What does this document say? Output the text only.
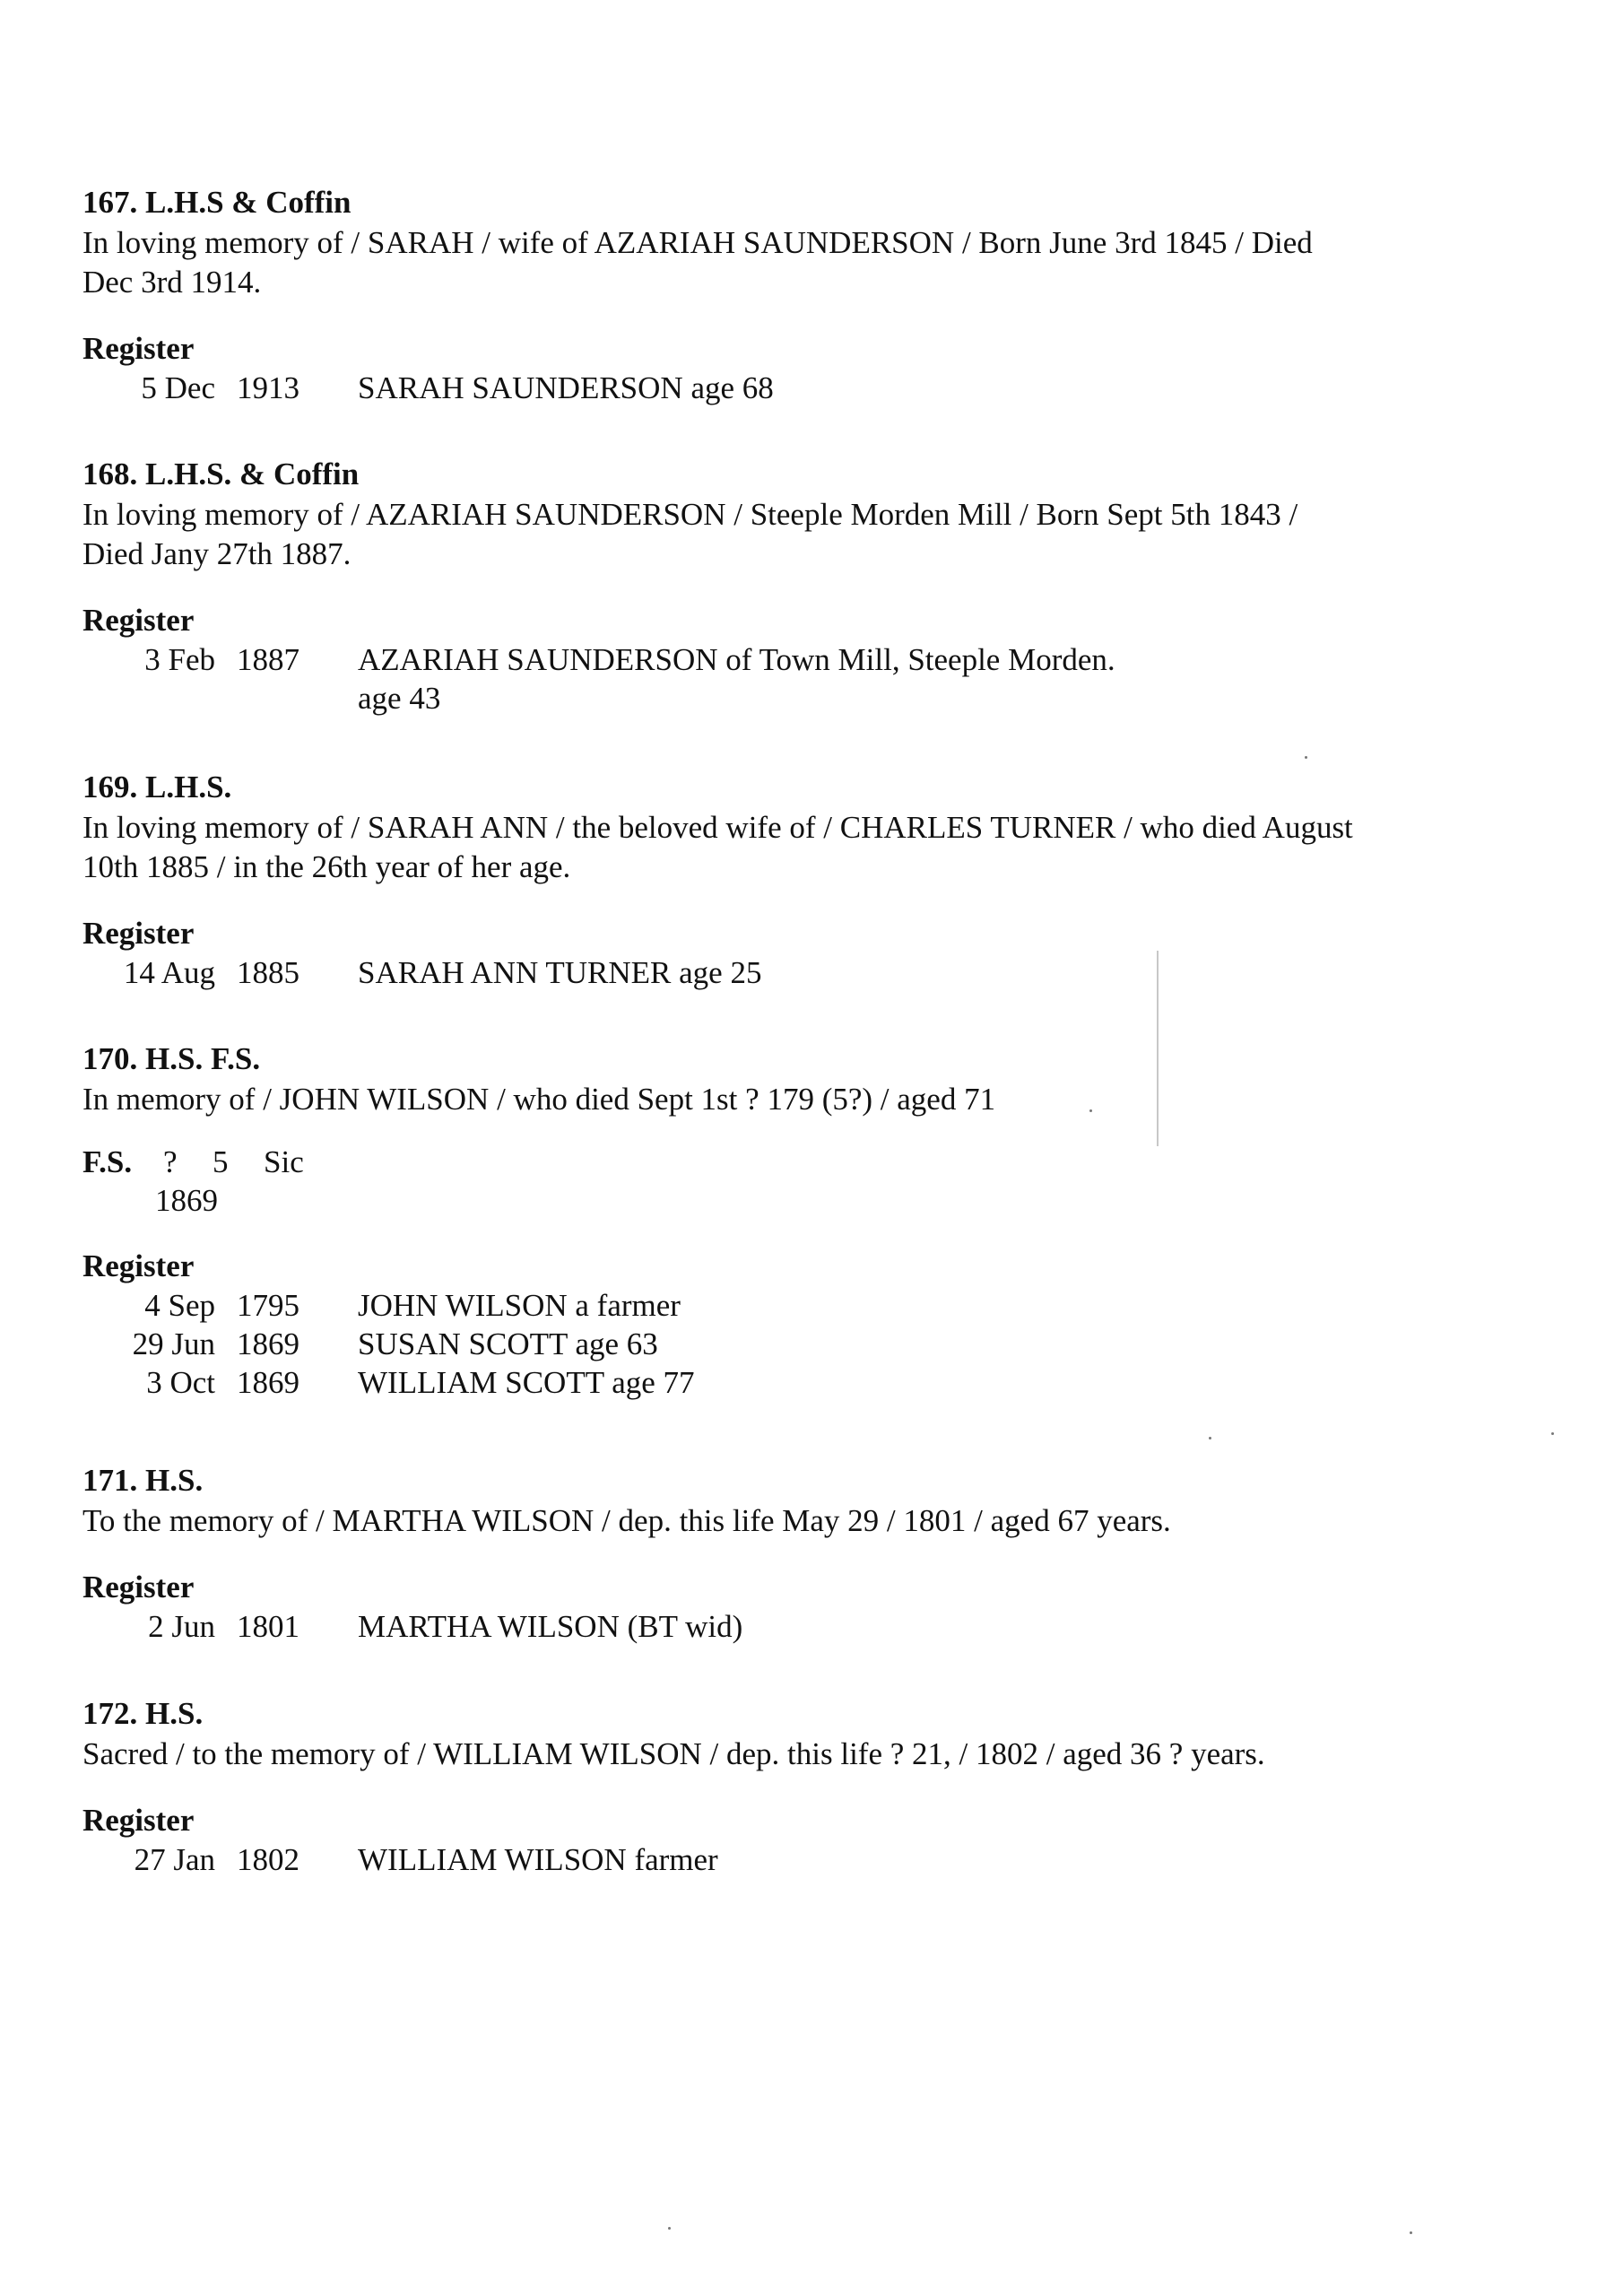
167. L.H.S & Coffin
In loving memory of / SARAH / wife of AZARIAH SAUNDERSON / Born June 3rd 1845 / Died Dec 3rd 1914.
Register
5 Dec 1913 SARAH SAUNDERSON age 68
168. L.H.S. & Coffin
In loving memory of / AZARIAH SAUNDERSON / Steeple Morden Mill / Born Sept 5th 1843 / Died Jany 27th 1887.
Register
3 Feb 1887 AZARIAH SAUNDERSON of Town Mill, Steeple Morden.
age 43
169. L.H.S.
In loving memory of / SARAH ANN / the beloved wife of / CHARLES TURNER / who died August 10th 1885 / in the 26th year of her age.
Register
14 Aug 1885 SARAH ANN TURNER age 25
170. H.S. F.S.
In memory of / JOHN WILSON / who died Sept 1st ? 179 (5?) / aged 71
F.S. ? 5 Sic
1869
Register
4 Sep 1795 JOHN WILSON a farmer
29 Jun 1869 SUSAN SCOTT age 63
3 Oct 1869 WILLIAM SCOTT age 77
171. H.S.
To the memory of / MARTHA WILSON / dep. this life May 29 / 1801 / aged 67 years.
Register
2 Jun 1801 MARTHA WILSON (BT wid)
172. H.S.
Sacred / to the memory of / WILLIAM WILSON / dep. this life ? 21, / 1802 / aged 36 ? years.
Register
27 Jan 1802 WILLIAM WILSON farmer
